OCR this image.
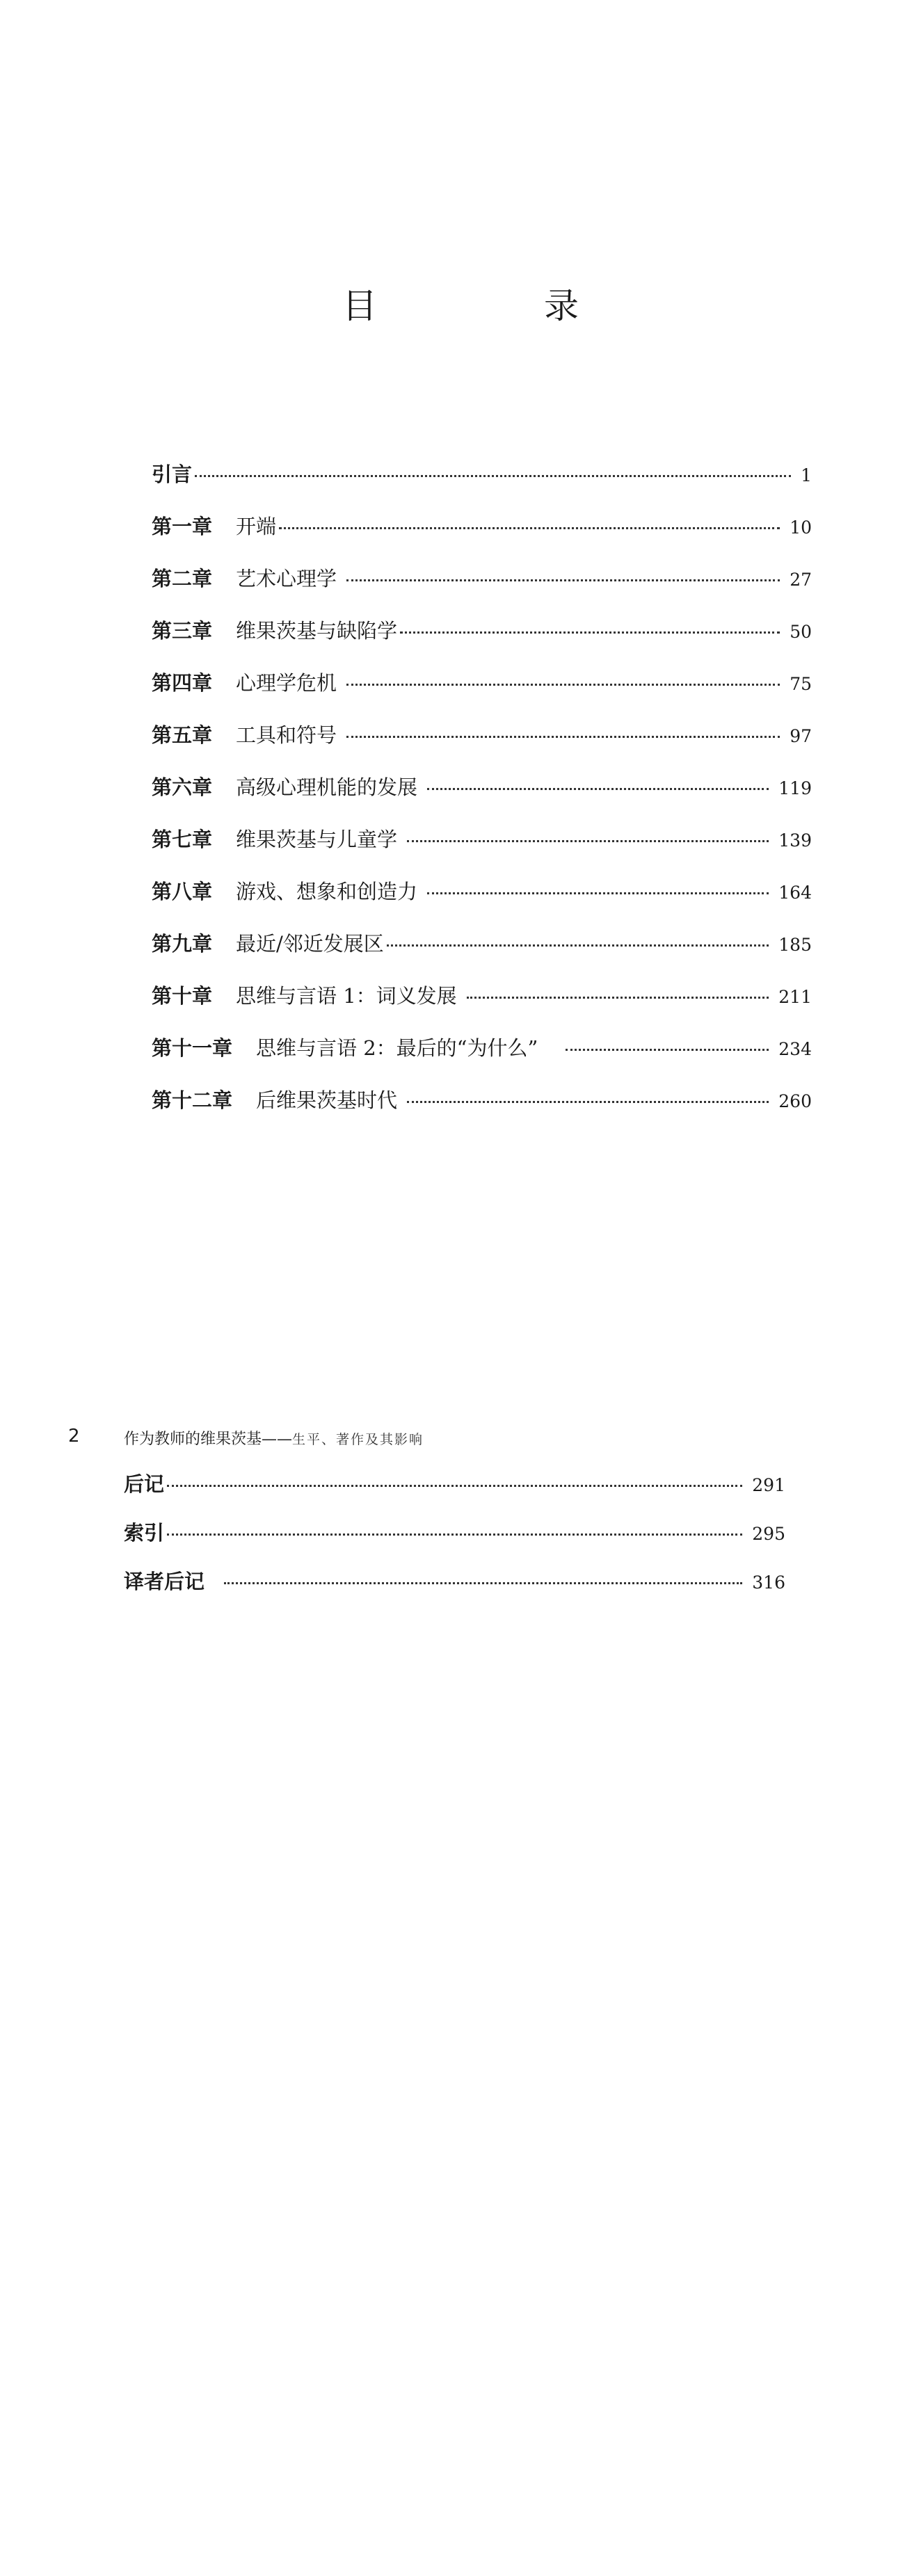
目　录
引言	1
第一章 开端	10
第二章 艺术心理学	27
第三章 维果茨基与缺陷学	50
第四章 心理学危机	75
第五章 工具和符号	97
第六章 高级心理机能的发展	119
第七章 维果茨基与儿童学	139
第八章 游戏、想象和创造力	164
第九章 最近/邻近发展区	185
第十章 思维与言语 1：词义发展	211
第十一章 思维与言语 2：最后的“为什么”	234
第十二章 后维果茨基时代	260
2	作为教师的维果茨基——生平、著作及其影响
后记	291
索引	295
译者后记	316
